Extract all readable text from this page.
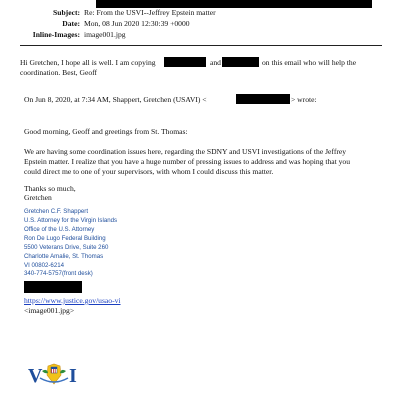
Subject: Re: From the USVI--Jeffrey Epstein matter
Date: Mon, 08 Jun 2020 12:30:39 +0000
Inline-Images: image001.jpg
Hi Gretchen, I hope all is well. I am copying	and	on this email who will help the
coordination. Best, Geoff
On Jun 8, 2020, at 7:34 AM, Shappert, Gretchen (USAVI) <	> wrote:
Good morning, Geoff and greetings from St. Thomas:
We are having some coordination issues here, regarding the SDNY and USVI investigations of the Jeffrey
Epstein matter. I realize that you have a huge number of pressing issues to address and was hoping that you
could direct me to one of your supervisors, with whom I could discuss this matter.
Thanks so much,
Gretchen
Gretchen C.F. Shappert
U.S. Attorney for the Virgin Islands
Office of the U.S. Attorney
Ron De Lugo Federal Building
5500 Veterans Drive, Suite 260
Charlotte Amalie, St. Thomas
VI 00802-6214
340-774-5757(front desk)
https://www.justice.gov/usao-vi
<image001.jpg>
V I
